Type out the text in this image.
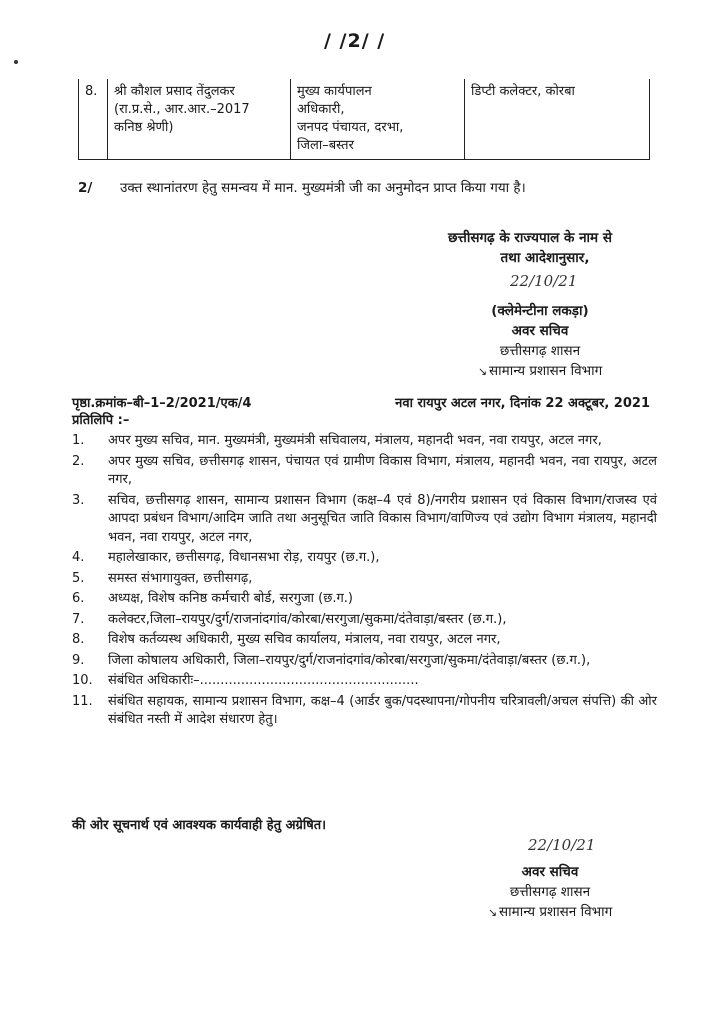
/ /2/ /
8.	श्री कौशल प्रसाद तेंदुलकर
(रा.प्र.से., आर.आर.–2017
कनिष्ठ श्रेणी)
मुख्य कार्यपालन
अधिकारी,
जनपद पंचायत, दरभा,
जिला–बस्तर
डिप्टी कलेक्टर, कोरबा
2/ उक्त स्थानांतरण हेतु समन्वय में मान. मुख्यमंत्री जी का अनुमोदन प्राप्त किया गया है।
छत्तीसगढ़ के राज्यपाल के नाम से
तथा आदेशानुसार,
22/10/21
(क्लेमेन्टीना लकड़ा)
अवर सचिव
छत्तीसगढ़ शासन
↘ सामान्य प्रशासन विभाग
पृष्ठा.क्रमांक–बी–1–2/2021/एक/4	नवा रायपुर अटल नगर, दिनांक 22 अक्टूबर, 2021
प्रतिलिपि :–
1. अपर मुख्य सचिव, मान. मुख्यमंत्री, मुख्यमंत्री सचिवालय, मंत्रालय, महानदी भवन, नवा रायपुर, अटल नगर,
2. अपर मुख्य सचिव, छत्तीसगढ़ शासन, पंचायत एवं ग्रामीण विकास विभाग, मंत्रालय, महानदी भवन, नवा रायपुर, अटल नगर,
3. सचिव, छत्तीसगढ़ शासन, सामान्य प्रशासन विभाग (कक्ष–4 एवं 8)/नगरीय प्रशासन एवं विकास विभाग/राजस्व एवं आपदा प्रबंधन विभाग/आदिम जाति तथा अनुसूचित जाति विकास विभाग/वाणिज्य एवं उद्योग विभाग मंत्रालय, महानदी भवन, नवा रायपुर, अटल नगर,
4. महालेखाकार, छत्तीसगढ़, विधानसभा रोड़, रायपुर (छ.ग.),
5. समस्त संभागायुक्त, छत्तीसगढ़,
6. अध्यक्ष, विशेष कनिष्ठ कर्मचारी बोर्ड, सरगुजा (छ.ग.)
7. कलेक्टर,जिला–रायपुर/दुर्ग/राजनांदगांव/कोरबा/सरगुजा/सुकमा/दंतेवाड़ा/बस्तर (छ.ग.),
8. विशेष कर्तव्यस्थ अधिकारी, मुख्य सचिव कार्यालय, मंत्रालय, नवा रायपुर, अटल नगर,
9. जिला कोषालय अधिकारी, जिला–रायपुर/दुर्ग/राजनांदगांव/कोरबा/सरगुजा/सुकमा/दंतेवाड़ा/बस्तर (छ.ग.),
10. संबंधित अधिकारीः–.....................................................
11. संबंधित सहायक, सामान्य प्रशासन विभाग, कक्ष–4 (आर्डर बुक/पदस्थापना/गोपनीय चरित्रावली/अचल संपत्ति) की ओर संबंधित नस्ती में आदेश संधारण हेतु।
की ओर सूचनार्थ एवं आवश्यक कार्यवाही हेतु अग्रेषित।
22/10/21
अवर सचिव
छत्तीसगढ़ शासन
↘ सामान्य प्रशासन विभाग
